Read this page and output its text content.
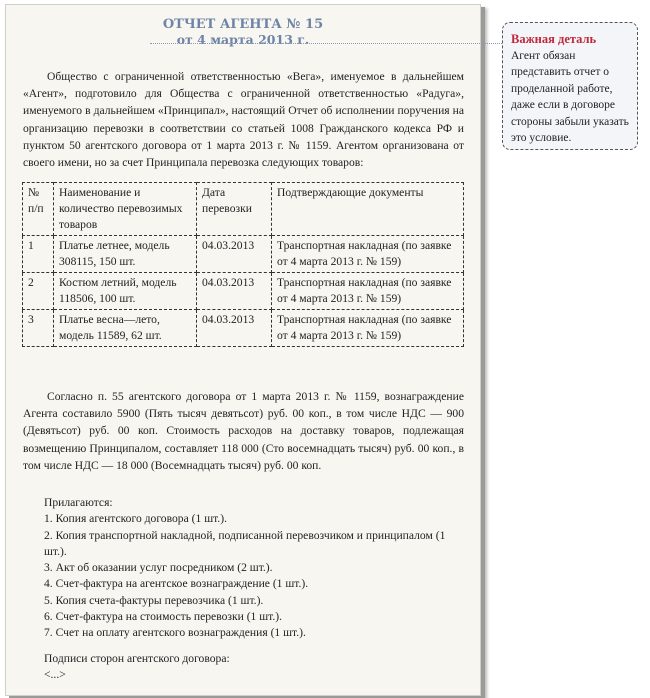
ОТЧЕТ АГЕНТА № 15
от 4 марта 2013 г.
Общество с ограниченной ответственностью «Вега», именуемое в дальнейшем «Агент», подготовило для Общества с ограниченной ответственностью «Радуга», именуемого в дальнейшем «Принципал», настоящий Отчет об исполнении поручения на организацию перевозки в соответствии со статьей 1008 Гражданского кодекса РФ и пунктом 50 агентского договора от 1 марта 2013 г. № 1159. Агентом организована от своего имени, но за счет Принципала перевозка следующих товаров:
№ п/п	Наименование и количество перевозимых товаров	Дата перевозки	Подтверждающие документы
1	Платье летнее, модель 308115, 150 шт.	04.03.2013	Транспортная накладная (по заявке от 4 марта 2013 г. № 159)
2	Костюм летний, модель 118506, 100 шт.	04.03.2013	Транспортная накладная (по заявке от 4 марта 2013 г. № 159)
3	Платье весна—лето, модель 11589, 62 шт.	04.03.2013	Транспортная накладная (по заявке от 4 марта 2013 г. № 159)
Согласно п. 55 агентского договора от 1 марта 2013 г. № 1159, вознаграждение Агента составило 5900 (Пять тысяч девятьсот) руб. 00 коп., в том числе НДС — 900 (Девятьсот) руб. 00 коп. Стоимость расходов на доставку товаров, подлежащая возмещению Принципалом, составляет 118 000 (Сто восемнадцать тысяч) руб. 00 коп., в том числе НДС — 18 000 (Восемнадцать тысяч) руб. 00 коп.
Прилагаются:
1. Копия агентского договора (1 шт.).
2. Копия транспортной накладной, подписанной перевозчиком и принципалом (1 шт.).
3. Акт об оказании услуг посредником (2 шт.).
4. Счет-фактура на агентское вознаграждение (1 шт.).
5. Копия счета-фактуры перевозчика (1 шт.).
6. Счет-фактура на стоимость перевозки (1 шт.).
7. Счет на оплату агентского вознаграждения (1 шт.).
Подписи сторон агентского договора:
<...>
Важная деталь
Агент обязан представить отчет о проделанной работе, даже если в договоре стороны забыли указать это условие.
